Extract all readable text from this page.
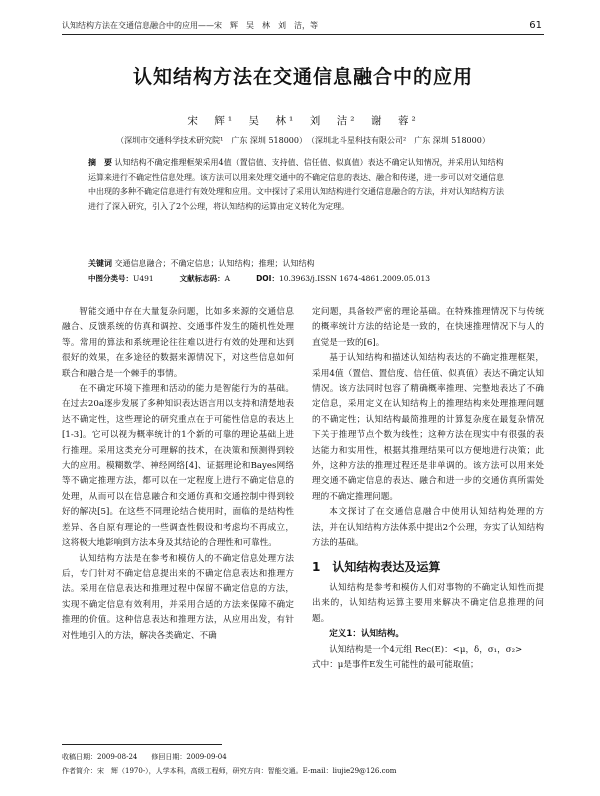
认知结构方法在交通信息融合中的应用——宋　辉　吴　林　刘　洁，等	61
认知结构方法在交通信息融合中的应用
宋　辉¹　吴　林¹　刘　洁²　谢　蓉²
（深圳市交通科学技术研究院¹　广东 深圳 518000）　（深圳北斗星科技有限公司²　广东 深圳 518000）
摘　要 认知结构不确定推理框架采用4值（置信值、支持值、信任值、似真值）表达不确定认知情况，并采用认知结构运算来进行不确定性信息处理。该方法可以用来处理交通中的不确定信息的表达、融合和传递，进一步可以对交通信息中出现的多种不确定信息进行有效处理和应用。文中探讨了采用认知结构进行交通信息融合的方法，并对认知结构方法进行了深入研究，引入了2个公理，将认知结构的运算由定义转化为定理。
关键词 交通信息融合；不确定信息；认知结构；推理；认知结构
中图分类号：U491	文献标志码：A	DOI：10.3963/j.ISSN 1674-4861.2009.05.013

智能交通中存在大量复杂问题，比如多来源的交通信息融合、反馈系统的仿真和调控、交通事件发生的随机性处理等。常用的算法和系统理论往往难以进行有效的处理和达到很好的效果，在多途径的数据来源情况下，对这些信息如何联合和融合是一个棘手的事情。

在不确定环境下推理和活动的能力是智能行为的基础。在过去20a逐步发展了多种知识表达语言用以支持和清楚地表达不确定性，这些理论的研究重点在于可能性信息的表达上[1-3]。它可以视为概率统计的1个新的可靠的理论基础上进行推理。采用这类充分可理解的技术，在决策和预测得到较大的应用。模糊数学、神经网络[4]、证据理论和Bayes网络等不确定推理方法，都可以在一定程度上进行不确定信息的处理，从而可以在信息融合和交通仿真和交通控制中得到较好的解决[5]。在这些不同理论结合使用时，面临的是结构性差异、各自原有理论的一些调查性假设和考虑均不再成立，这将极大地影响到方法本身及其结论的合理性和可靠性。

认知结构方法是在参考和模仿人的不确定信息处理方法后，专门针对不确定信息提出来的不确定信息表达和推理方法。采用在信息表达和推理过程中保留不确定信息的方法，实现不确定信息有效利用，并采用合适的方法来保障不确定推理的价值。这种信息表达和推理方法，从应用出发，有针对性地引入的方法，解决各类确定、不确

定问题，具备较严密的理论基础。在特殊推理情况下与传统的概率统计方法的结论是一致的，在快速推理情况下与人的直觉是一致的[6]。

基于认知结构和描述认知结构表达的不确定推理框架，采用4值（置信、置信度、信任值、似真值）表达不确定认知情况。该方法同时包容了精确概率推理、完整地表达了不确定信息，采用定义在认知结构上的推理结构来处理推理问题的不确定性；认知结构最简推理的计算复杂度在最复杂情况下关于推理节点个数为线性；这种方法在现实中有很强的表达能力和实用性，根据其推理结果可以方便地进行决策；此外，这种方法的推理过程还是非单调的。该方法可以用来处理交通不确定信息的表达、融合和进一步的交通仿真所需处理的不确定推理问题。

本文探讨了在交通信息融合中使用认知结构处理的方法，并在认知结构方法体系中提出2个公理，夯实了认知结构方法的基础。

1　认知结构表达及运算

认知结构是参考和模仿人们对事物的不确定认知性而提出来的，认知结构运算主要用来解决不确定信息推理的问题。

定义1：认知结构。

认知结构是一个4元组 Rec(E)：<μ，δ，σ₁，σ₂>

式中：μ是事件E发生可能性的最可能取值；

收稿日期：2009-08-24　　修回日期：2009-09-04
作者简介：宋　辉（1970-），人学本科，高级工程师，研究方向：智能交通。E-mail：liujie29@126.com
